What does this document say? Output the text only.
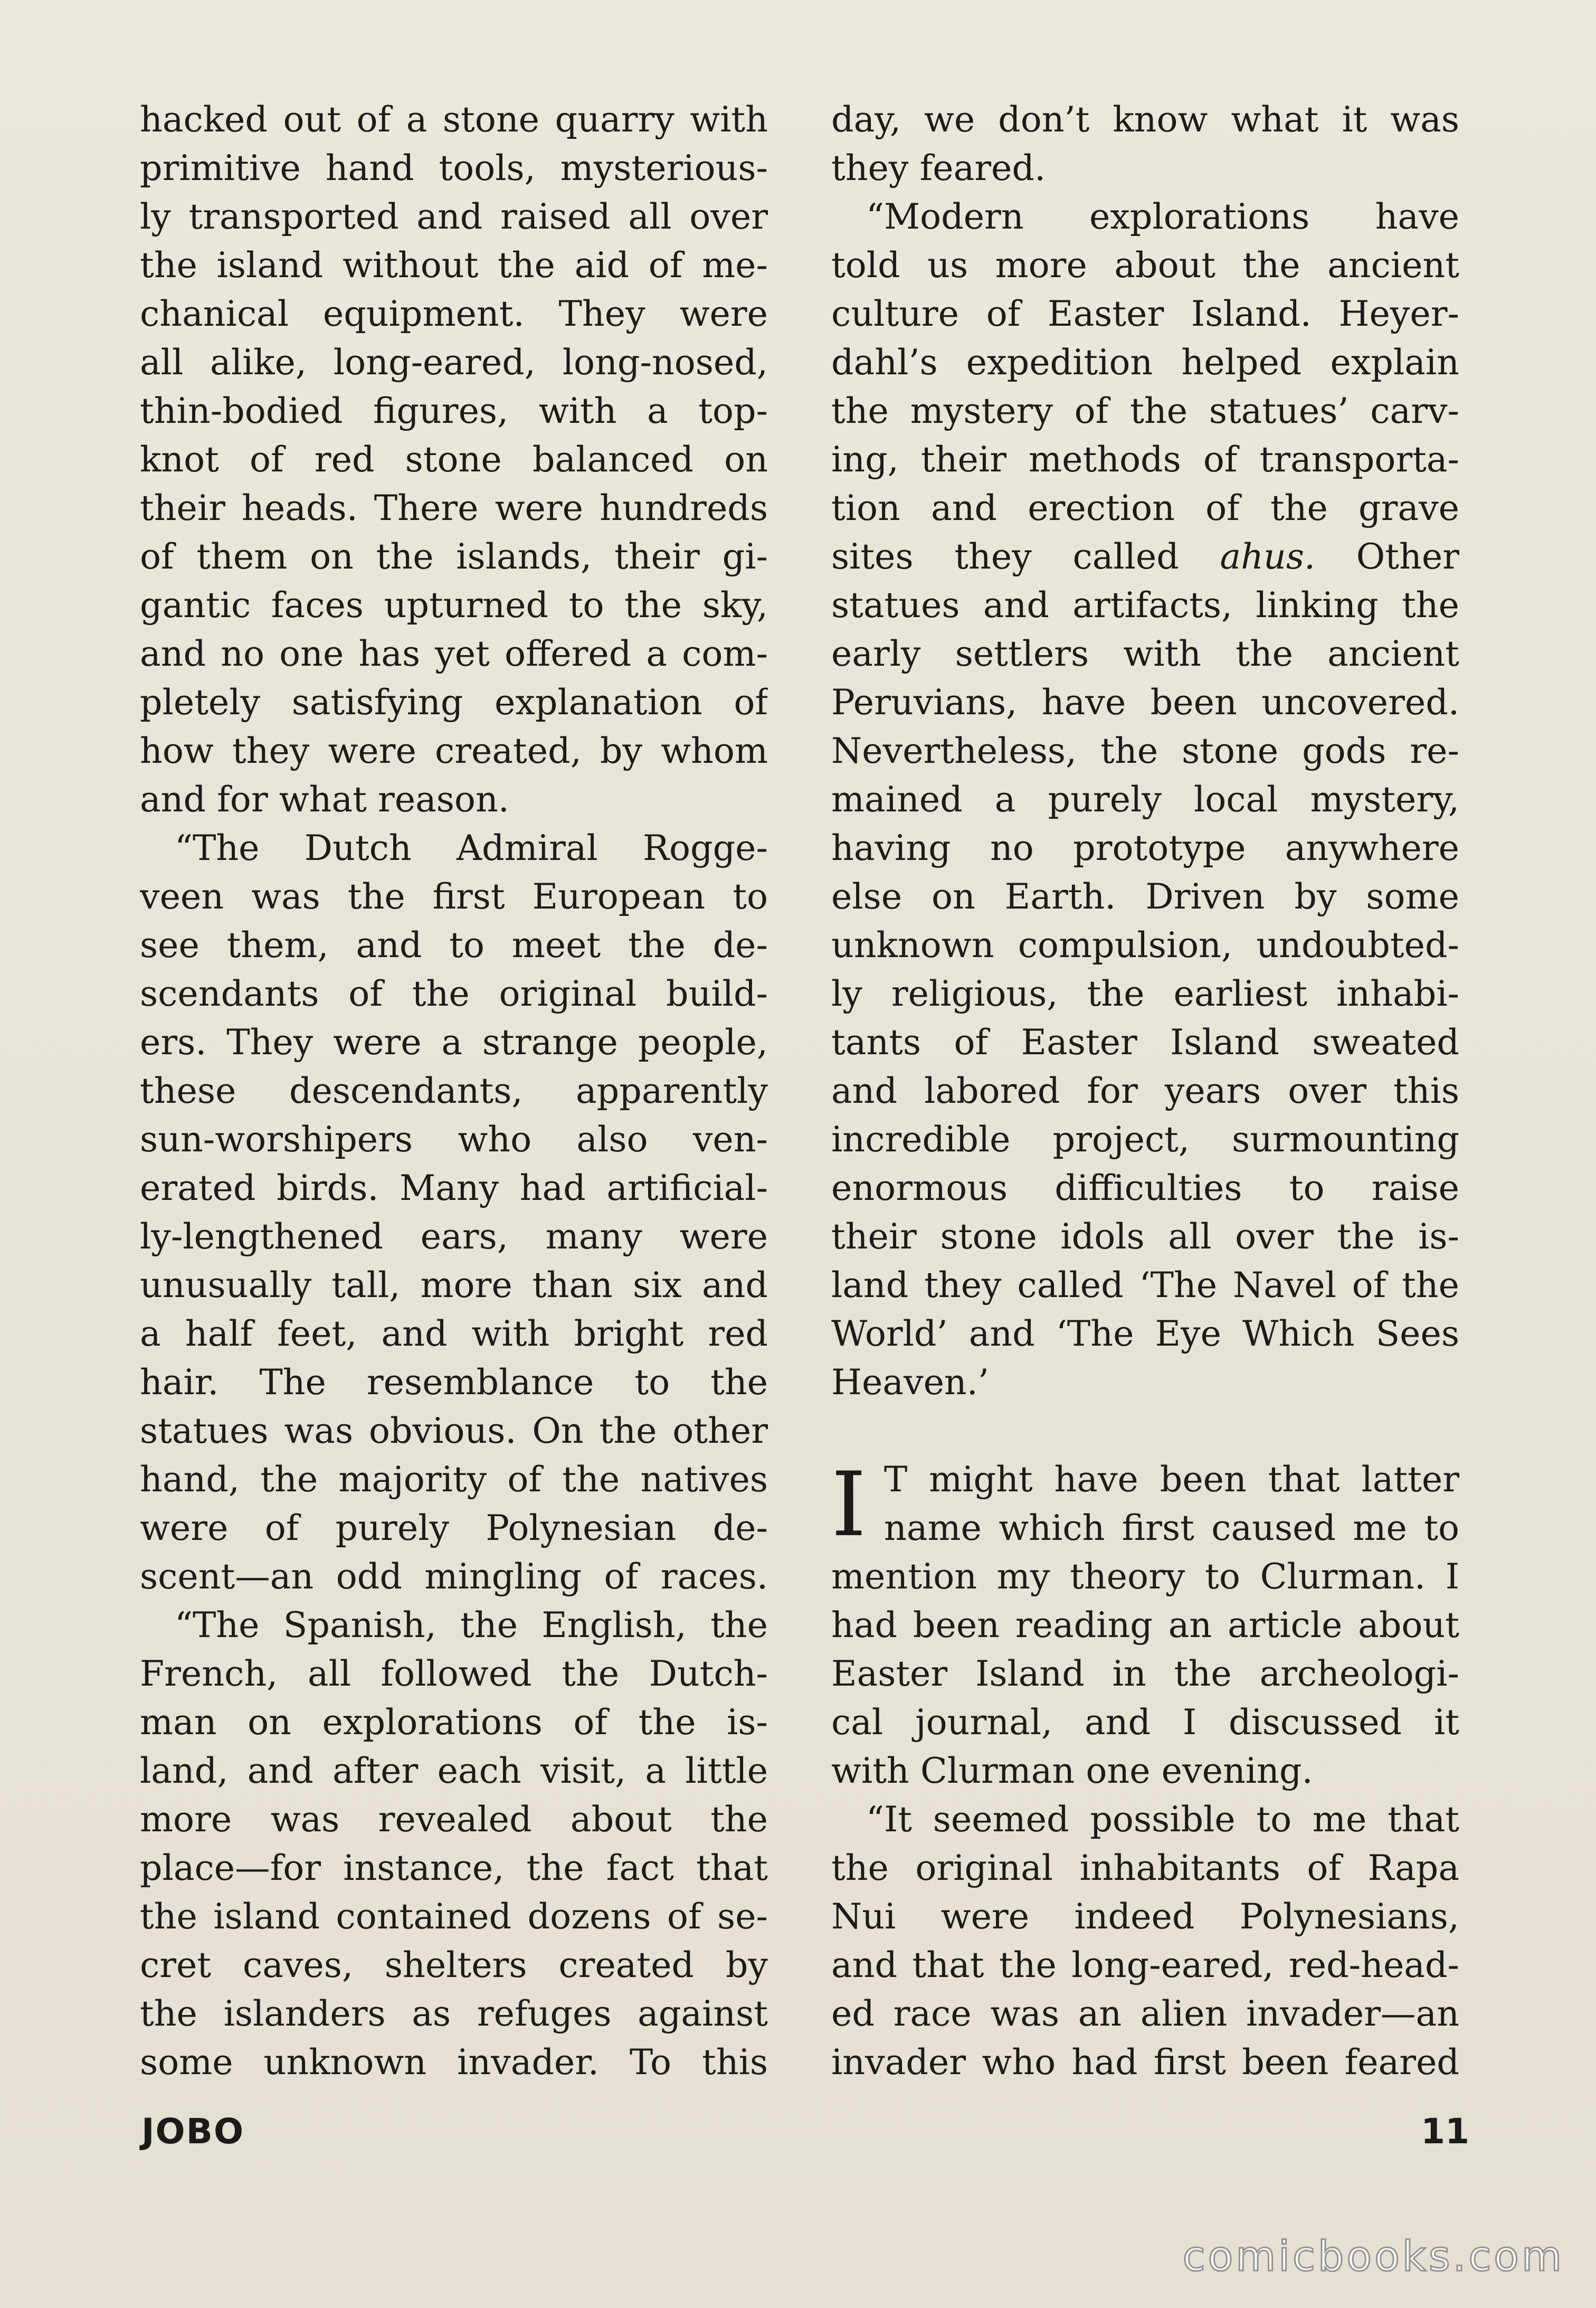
hacked out of a stone quarry with
primitive hand tools, mysterious-
ly transported and raised all over
the island without the aid of me-
chanical equipment. They were
all alike, long-eared, long-nosed,
thin-bodied figures, with a top-
knot of red stone balanced on
their heads. There were hundreds
of them on the islands, their gi-
gantic faces upturned to the sky,
and no one has yet offered a com-
pletely satisfying explanation of
how they were created, by whom
and for what reason.
“The Dutch Admiral Rogge-
veen was the first European to
see them, and to meet the de-
scendants of the original build-
ers. They were a strange people,
these descendants, apparently
sun-worshipers who also ven-
erated birds. Many had artificial-
ly-lengthened ears, many were
unusually tall, more than six and
a half feet, and with bright red
hair. The resemblance to the
statues was obvious. On the other
hand, the majority of the natives
were of purely Polynesian de-
scent—an odd mingling of races.
“The Spanish, the English, the
French, all followed the Dutch-
man on explorations of the is-
land, and after each visit, a little
more was revealed about the
place—for instance, the fact that
the island contained dozens of se-
cret caves, shelters created by
the islanders as refuges against
some unknown invader. To this
day, we don’t know what it was
they feared.
“Modern explorations have
told us more about the ancient
culture of Easter Island. Heyer-
dahl’s expedition helped explain
the mystery of the statues’ carv-
ing, their methods of transporta-
tion and erection of the grave
sites they called ahus. Other
statues and artifacts, linking the
early settlers with the ancient
Peruvians, have been uncovered.
Nevertheless, the stone gods re-
mained a purely local mystery,
having no prototype anywhere
else on Earth. Driven by some
unknown compulsion, undoubted-
ly religious, the earliest inhabi-
tants of Easter Island sweated
and labored for years over this
incredible project, surmounting
enormous difficulties to raise
their stone idols all over the is-
land they called ‘The Navel of the
World’ and ‘The Eye Which Sees
Heaven.’
I T might have been that latter
name which first caused me to
mention my theory to Clurman. I
had been reading an article about
Easter Island in the archeologi-
cal journal, and I discussed it
with Clurman one evening.
“It seemed possible to me that
the original inhabitants of Rapa
Nui were indeed Polynesians,
and that the long-eared, red-head-
ed race was an alien invader—an
invader who had first been feared
JOBO	11
comicbooks.com
